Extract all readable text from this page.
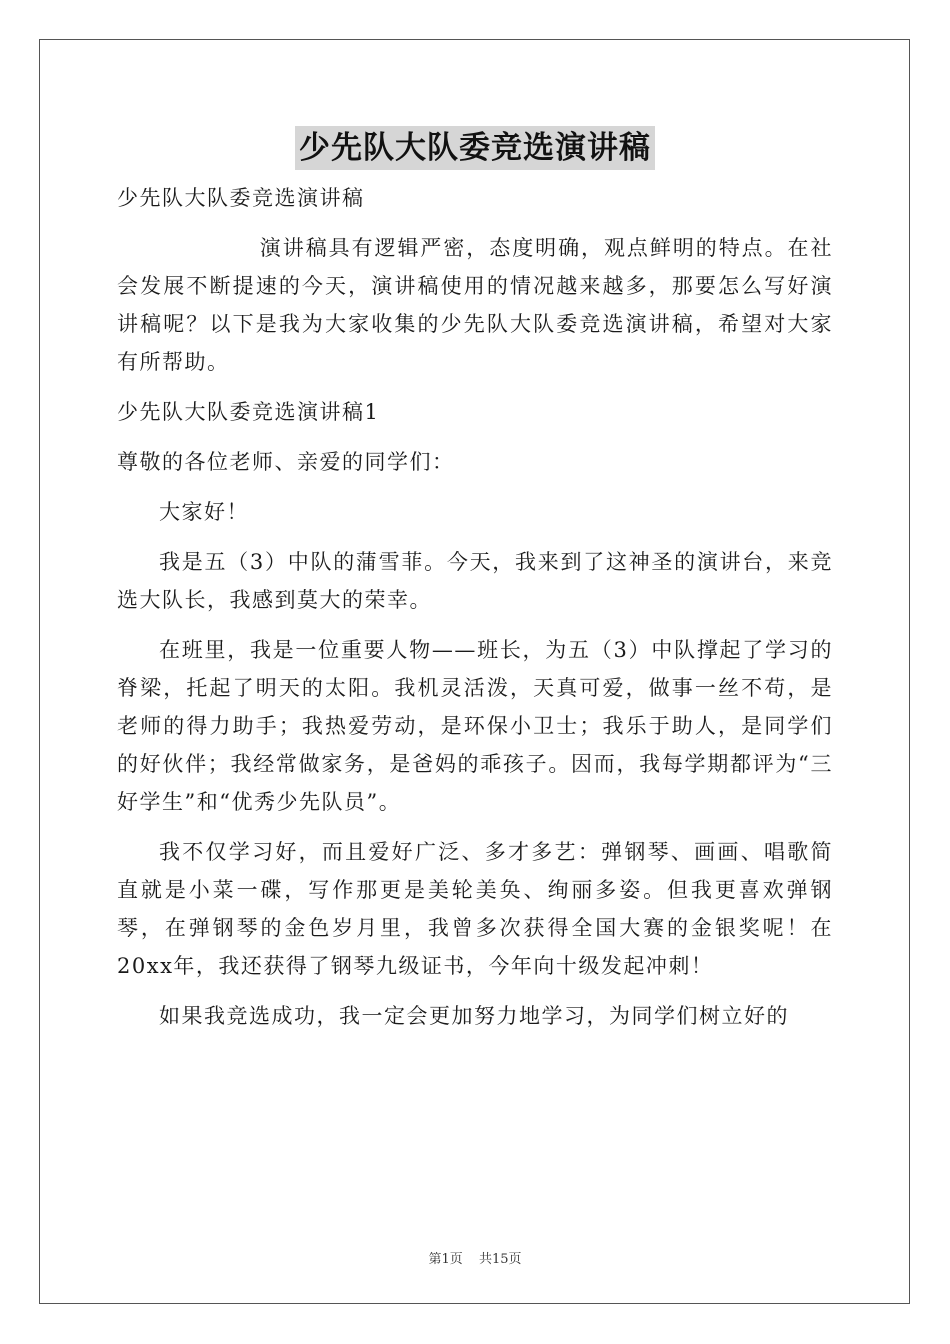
少先队大队委竞选演讲稿

少先队大队委竞选演讲稿

演讲稿具有逻辑严密，态度明确，观点鲜明的特点。在社会发展不断提速的今天，演讲稿使用的情况越来越多，那要怎么写好演讲稿呢？以下是我为大家收集的少先队大队委竞选演讲稿，希望对大家有所帮助。

少先队大队委竞选演讲稿1

尊敬的各位老师、亲爱的同学们：

大家好！

我是五（3）中队的蒲雪菲。今天，我来到了这神圣的演讲台，来竞选大队长，我感到莫大的荣幸。

在班里，我是一位重要人物——班长，为五（3）中队撑起了学习的脊梁，托起了明天的太阳。我机灵活泼，天真可爱，做事一丝不苟，是老师的得力助手；我热爱劳动，是环保小卫士；我乐于助人，是同学们的好伙伴；我经常做家务，是爸妈的乖孩子。因而，我每学期都评为“三好学生”和“优秀少先队员”。

我不仅学习好，而且爱好广泛、多才多艺：弹钢琴、画画、唱歌简直就是小菜一碟，写作那更是美轮美奂、绚丽多姿。但我更喜欢弹钢琴，在弹钢琴的金色岁月里，我曾多次获得全国大赛的金银奖呢！在20xx年，我还获得了钢琴九级证书，今年向十级发起冲刺！

如果我竞选成功，我一定会更加努力地学习，为同学们树立好的

第1页 共15页
